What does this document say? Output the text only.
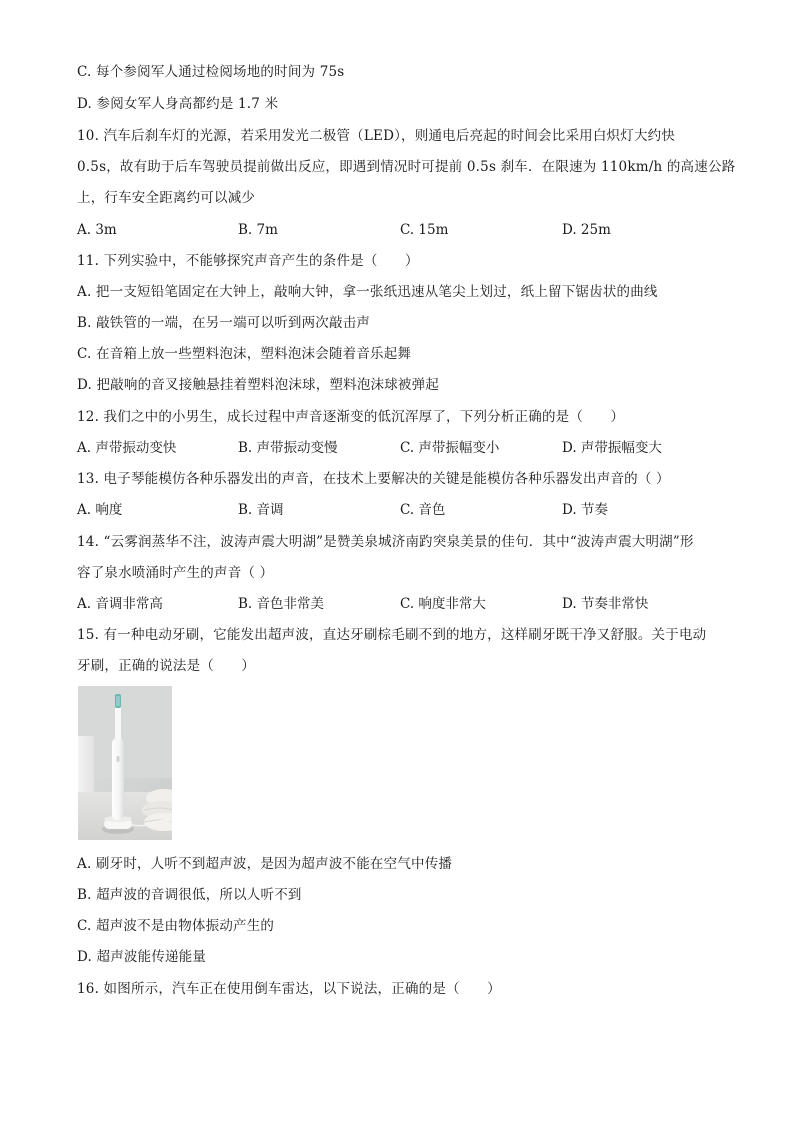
C. 每个参阅军人通过检阅场地的时间为 75s
D. 参阅女军人身高都约是 1.7 米
10. 汽车后刹车灯的光源，若采用发光二极管（LED），则通电后亮起的时间会比采用白炽灯大约快
0.5s，故有助于后车驾驶员提前做出反应，即遇到情况时可提前 0.5s 刹车．在限速为 110km/h 的高速公路
上，行车安全距离约可以减少
A. 3m	B. 7m	C. 15m	D. 25m
11. 下列实验中，不能够探究声音产生的条件是（　　）
A. 把一支短铅笔固定在大钟上，敲响大钟，拿一张纸迅速从笔尖上划过，纸上留下锯齿状的曲线
B. 敲铁管的一端，在另一端可以听到两次敲击声
C. 在音箱上放一些塑料泡沫，塑料泡沫会随着音乐起舞
D. 把敲响的音叉接触悬挂着塑料泡沫球，塑料泡沫球被弹起
12. 我们之中的小男生，成长过程中声音逐渐变的低沉浑厚了，下列分析正确的是（　　）
A. 声带振动变快	B. 声带振动变慢	C. 声带振幅变小	D. 声带振幅变大
13. 电子琴能模仿各种乐器发出的声音，在技术上要解决的关键是能模仿各种乐器发出声音的（ ）
A. 响度	B. 音调	C. 音色	D. 节奏
14. “云雾润蒸华不注，波涛声震大明湖”是赞美泉城济南趵突泉美景的佳句．其中“波涛声震大明湖”形
容了泉水喷涌时产生的声音（ ）
A. 音调非常高	B. 音色非常美	C. 响度非常大	D. 节奏非常快
15. 有一种电动牙刷，它能发出超声波，直达牙刷棕毛刷不到的地方，这样刷牙既干净又舒服。关于电动
牙刷，正确的说法是（　　）
A. 刷牙时，人听不到超声波，是因为超声波不能在空气中传播
B. 超声波的音调很低，所以人听不到
C. 超声波不是由物体振动产生的
D. 超声波能传递能量
16. 如图所示，汽车正在使用倒车雷达，以下说法，正确的是（　　）
